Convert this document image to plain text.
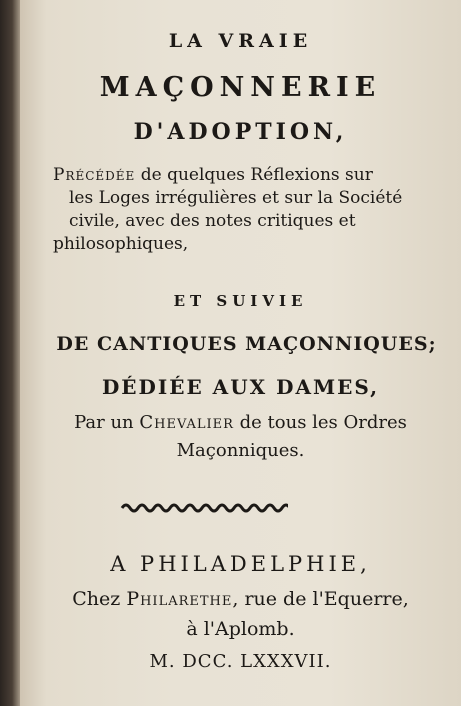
LA VRAIE
MAÇONNERIE
D'ADOPTION,
Précédée de quelques Réflexions sur
les Loges irrégulières et sur la Société
civile, avec des notes critiques et
philosophiques,
ET SUIVIE
DE CANTIQUES MAÇONNIQUES;
DÉDIÉE AUX DAMES,
Par un Chevalier de tous les Ordres
Maçonniques.
A PHILADELPHIE,
Chez Philarethe, rue de l'Equerre,
à l'Aplomb.
M. DCC. LXXXVII.
